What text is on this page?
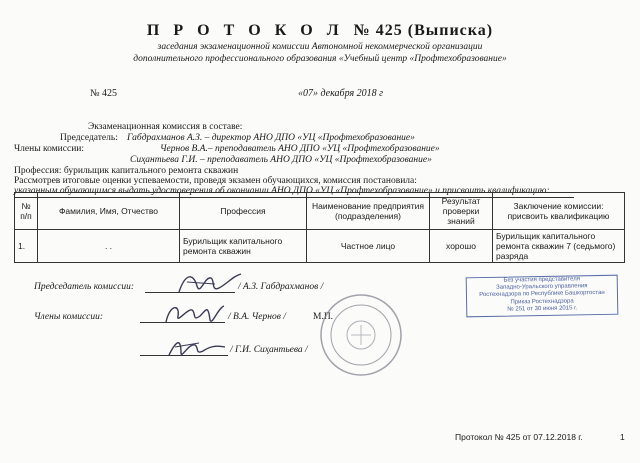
П Р О Т О К О Л № 425 (Выписка)
заседания экзаменационной комиссии Автономной некоммерческой организации
дополнительного профессионального образования «Учебный центр «Профтехобразование»
№ 425	«07» декабря 2018 г
Экзаменационная комиссия в составе:
Председатель: Габдрахманов А.З. – директор АНО ДПО «УЦ «Профтехобразование»
Члены комиссии:	Чернов В.А.– преподаватель АНО ДПО «УЦ «Профтехобразование»
Сиҳантьева Г.И. – преподаватель АНО ДПО «УЦ «Профтехобразование»
Профессия: бурильщик капитального ремонта скважин
Рассмотрев итоговые оценки успеваемости, проведя экзамен обучающихся, комиссия постановила:
указанным обучающимся выдать удостоверения об окончании АНО ДПО «УЦ «Профтехобразование» и присвоить квалификацию:
№ п/п	Фамилия, Имя, Отчество	Профессия	Наименование предприятия (подразделения)	Результат проверки знаний	Заключение комиссии: присвоить квалификацию
1.	. .	Бурильщик капитального ремонта скважин	Частное лицо	хорошо	Бурильщик капитального ремонта скважин 7 (седьмого) разряда
Председатель комиссии:	/ А.З. Габдрахманов /
Члены комиссии:	/ В.А. Чернов /	М.П.
/ Г.И. Сиҳантьева /
Без участия представителя
Западно-Уральского управления
Ростехнадзора по Республике Башкортостан
Приказ Ростехнадзора
№ 251 от 30 июня 2015 г.
Протокол № 425 от 07.12.2018 г.	1
